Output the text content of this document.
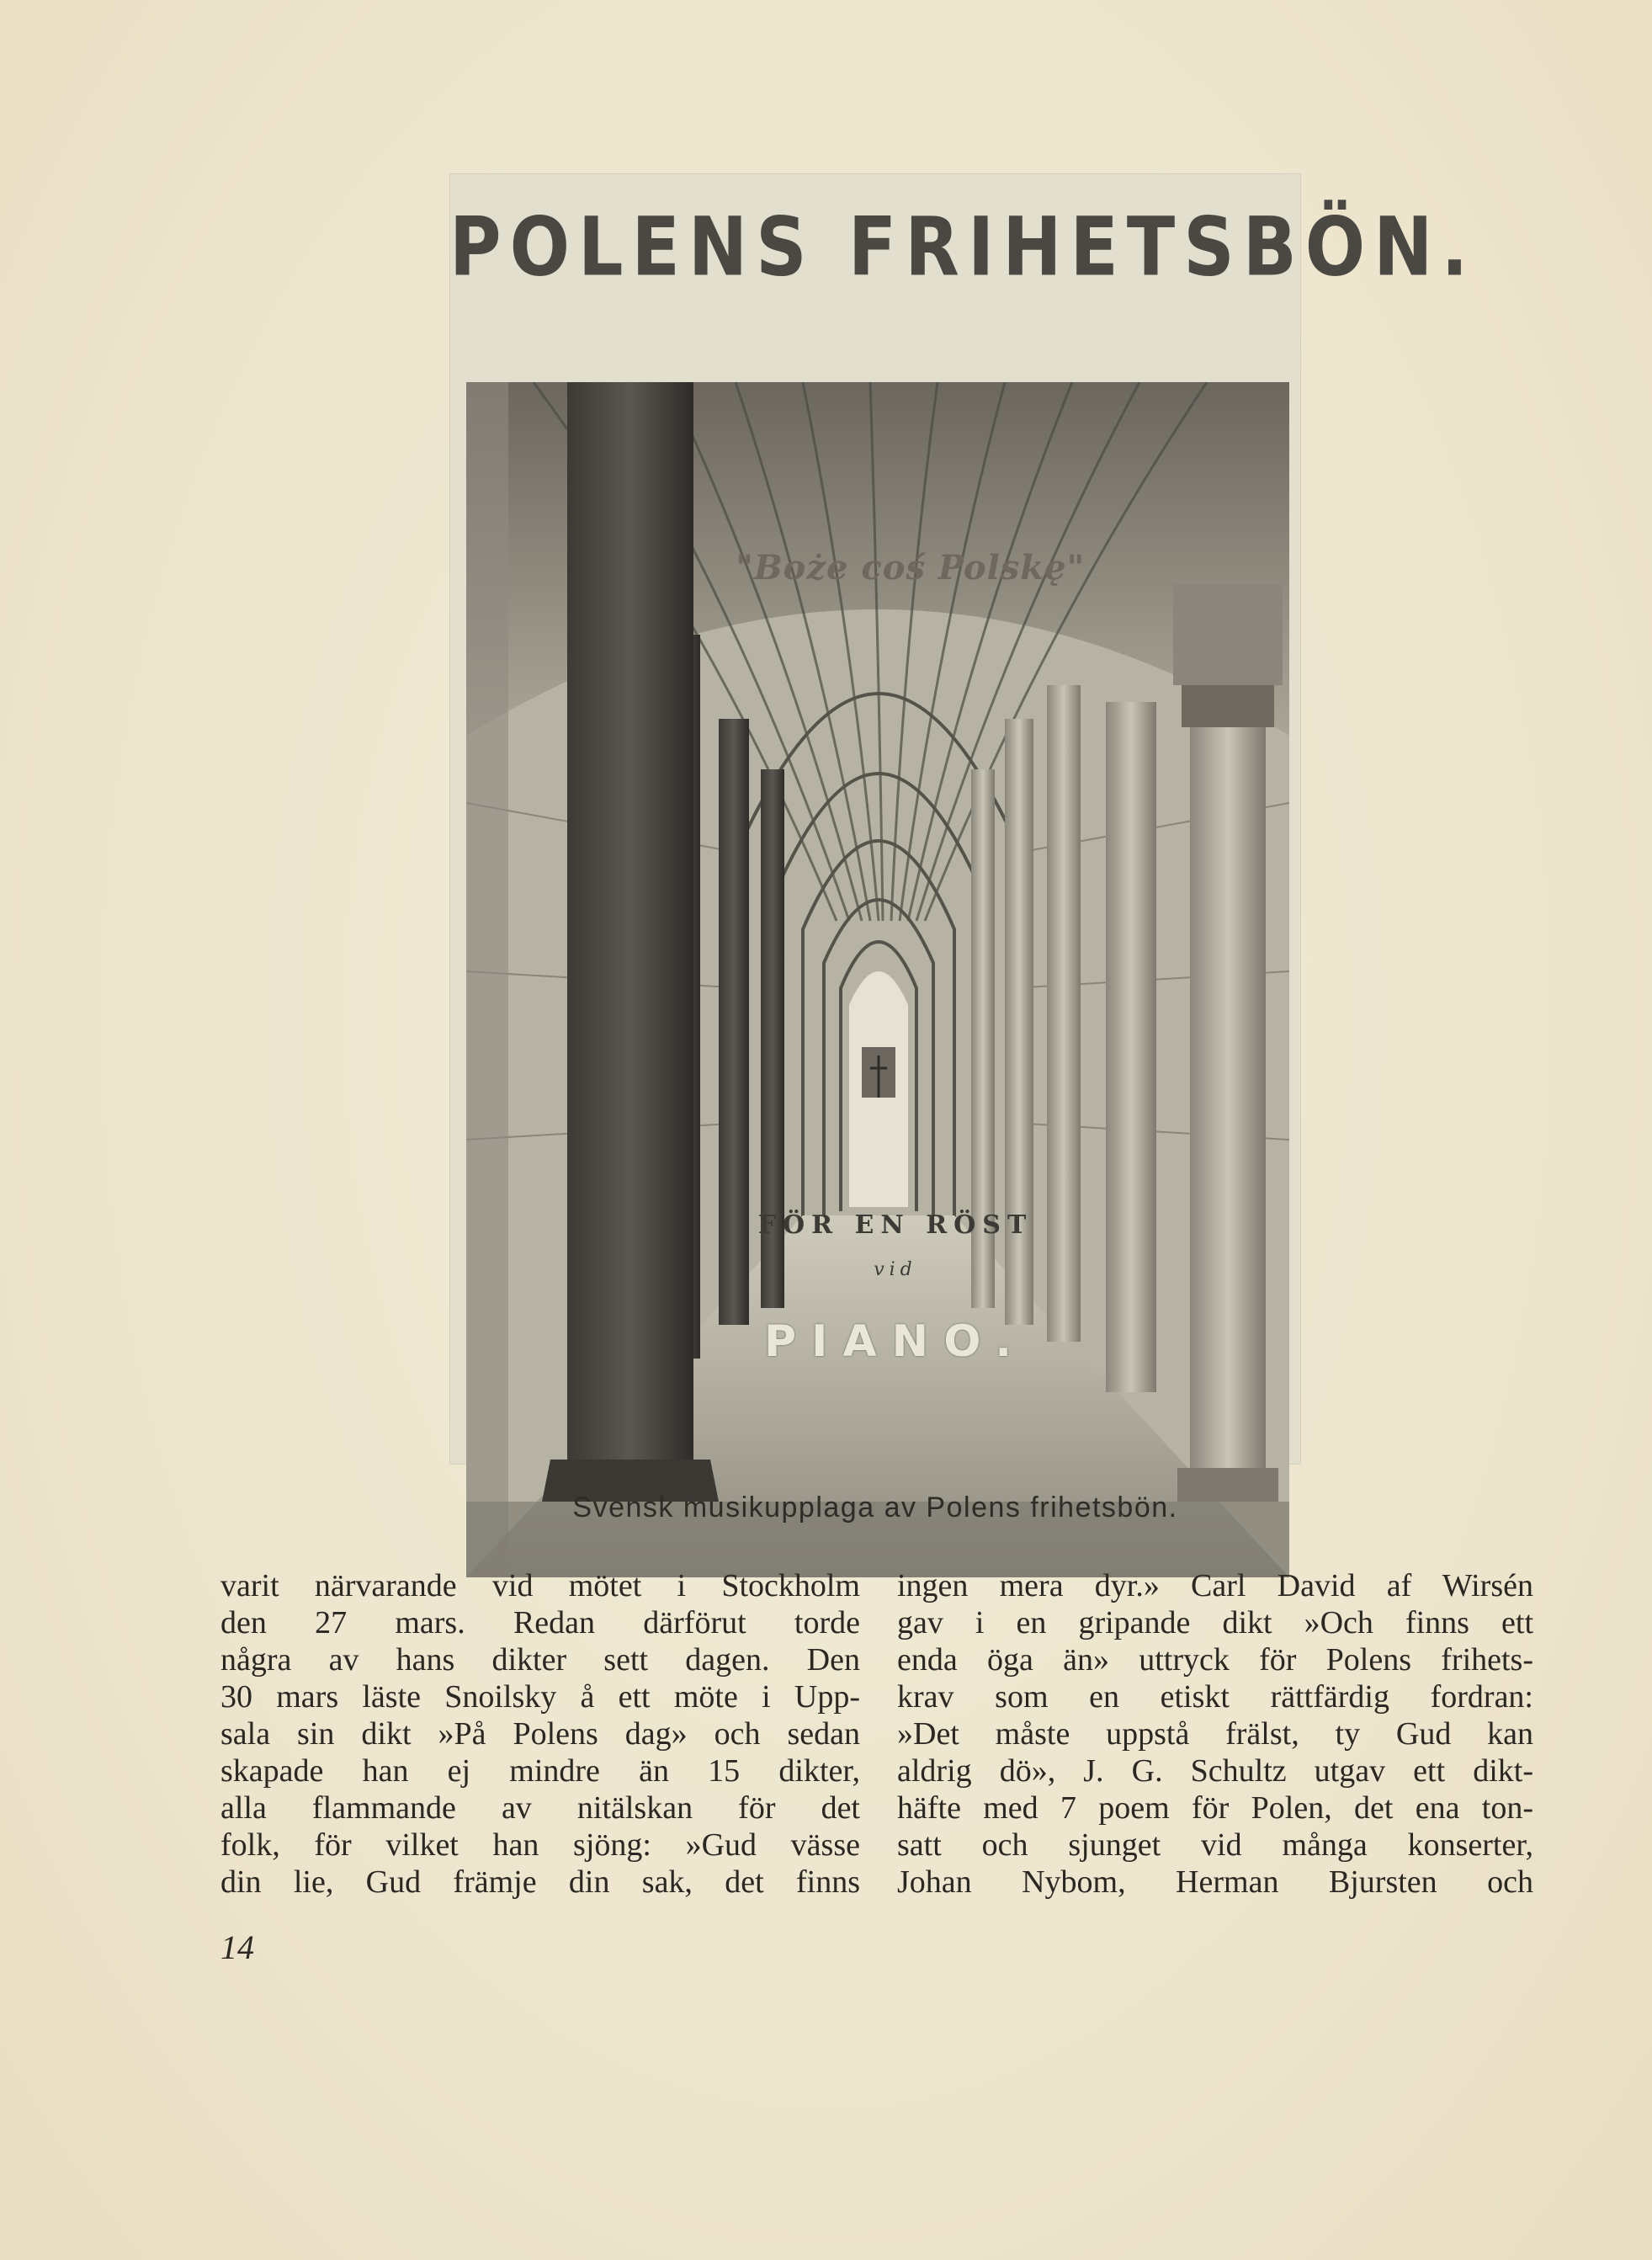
POLENS FRIHETSBÖN.
"Boże coś Polskę"
FÖR EN RÖST
vid
PIANO.
Svensk musikupplaga av Polens frihetsbön.
varit närvarande vid mötet i Stockholm
den 27 mars. Redan därförut torde
några av hans dikter sett dagen. Den
30 mars läste Snoilsky å ett möte i Upp-
sala sin dikt »På Polens dag» och sedan
skapade han ej mindre än 15 dikter,
alla flammande av nitälskan för det
folk, för vilket han sjöng: »Gud vässe
din lie, Gud främje din sak, det finns
ingen mera dyr.» Carl David af Wirsén
gav i en gripande dikt »Och finns ett
enda öga än» uttryck för Polens frihets-
krav som en etiskt rättfärdig fordran:
»Det måste uppstå frälst, ty Gud kan
aldrig dö», J. G. Schultz utgav ett dikt-
häfte med 7 poem för Polen, det ena ton-
satt och sjunget vid många konserter,
Johan Nybom, Herman Bjursten och
14
